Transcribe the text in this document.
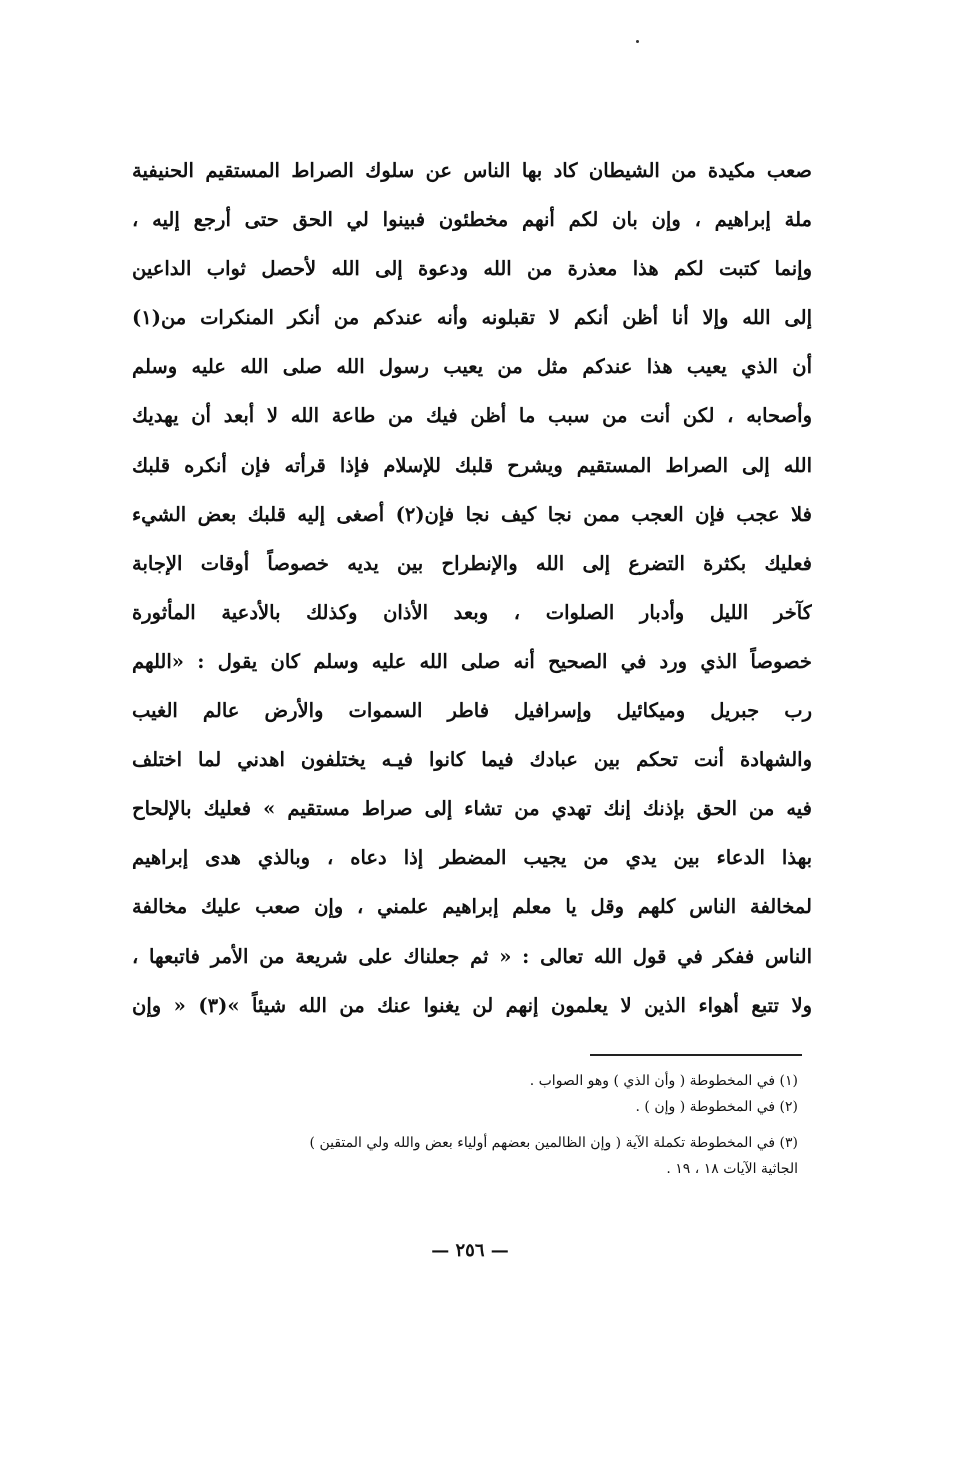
صعب مكيدة من الشيطان كاد بها الناس عن سلوك الصراط المستقيم الحنيفية
ملة إبراهيم ، وإن بان لكم أنهم مخطئون فبينوا لي الحق حتى أرجع إليه ،
وإنما كتبت لكم هذا معذرة من الله ودعوة إلى الله لأحصل ثواب الداعين
إلى الله وإلا أنا أظن أنكم لا تقبلونه وأنه عندكم من أنكر المنكرات من(١)
أن الذي يعيب هذا عندكم مثل من يعيب رسول الله صلى الله عليه وسلم
وأصحابه ، لكن أنت من سبب ما أظن فيك من طاعة الله لا أبعد أن يهديك
الله إلى الصراط المستقيم ويشرح قلبك للإسلام فإذا قرأته فإن أنكره قلبك
فلا عجب فإن العجب ممن نجا كيف نجا فإن(٢) أصغى إليه قلبك بعض الشيء
فعليك بكثرة التضرع إلى الله والإنطراح بين يديه خصوصاً أوقات الإجابة
كآخر الليل وأدبار الصلوات ، وبعد الأذان وكذلك بالأدعية المأثورة
خصوصاً الذي ورد في الصحيح أنه صلى الله عليه وسلم كان يقول : «اللهم
رب جبريل وميكائيل وإسرافيل فاطر السموات والأرض عالم الغيب
والشهادة أنت تحكم بين عبادك فيما كانوا فيـه يختلفون اهدني لما اختلف
فيه من الحق بإذنك إنك تهدي من تشاء إلى صراط مستقيم » فعليك بالإلحاح
بهذا الدعاء بين يدي من يجيب المضطر إذا دعاه ، وبالذي هدى إبراهيم
لمخالفة الناس كلهم وقل يا معلم إبراهيم علمني ، وإن صعب عليك مخالفة
الناس ففكر في قول الله تعالى : « ثم جعلناك على شريعة من الأمر فاتبعها ،
ولا تتبع أهواء الذين لا يعلمون إنهم لن يغنوا عنك من الله شيئاً »(٣) « وإن
(١) في المخطوطة ( وأن الذي ) وهو الصواب .
(٢) في المخطوطة ( وإن ) .
(٣) في المخطوطة تكملة الآية ( وإن الظالمين بعضهم أولياء بعض والله ولي المتقين )
الجاثية الآيات ١٨ ، ١٩ .
— ٢٥٦ —
